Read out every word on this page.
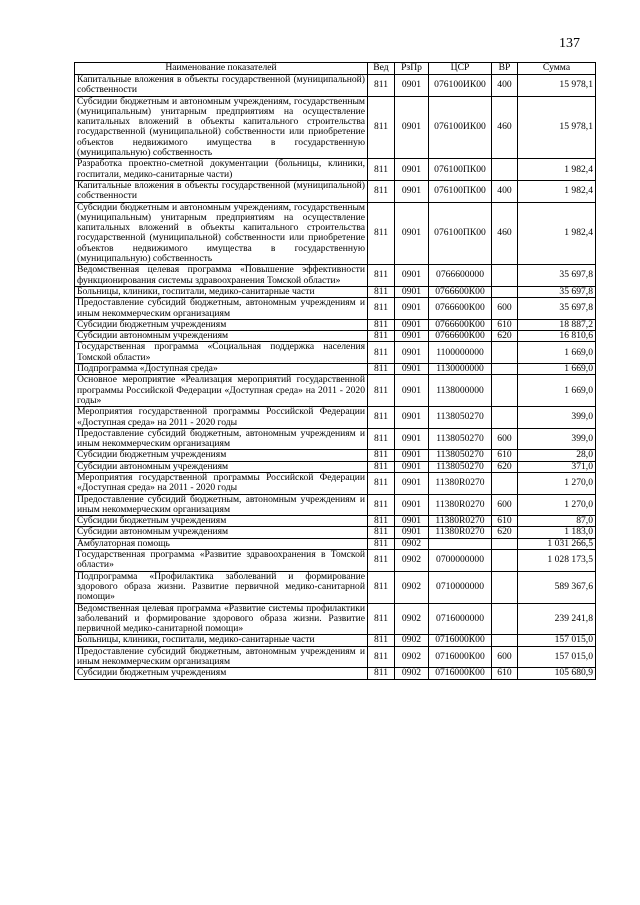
137
Наименование показателей	Вед	РзПр	ЦСР	ВР	Сумма
Капитальные вложения в объекты государственной (муниципальной) собственности	811	0901	076100ИК00	400	15 978,1
Субсидии бюджетным и автономным учреждениям, государственным (муниципальным) унитарным предприятиям на осуществление капитальных вложений в объекты капитального строительства государственной (муниципальной) собственности или приобретение объектов недвижимого имущества в государственную (муниципальную) собственность	811	0901	076100ИК00	460	15 978,1
Разработка проектно-сметной документации (больницы, клиники, госпитали, медико-санитарные части)	811	0901	076100ПК00		1 982,4
Капитальные вложения в объекты государственной (муниципальной) собственности	811	0901	076100ПК00	400	1 982,4
Субсидии бюджетным и автономным учреждениям, государственным (муниципальным) унитарным предприятиям на осуществление капитальных вложений в объекты капитального строительства государственной (муниципальной) собственности или приобретение объектов недвижимого имущества в государственную (муниципальную) собственность	811	0901	076100ПК00	460	1 982,4
Ведомственная целевая программа «Повышение эффективности функционирования системы здравоохранения Томской области»	811	0901	0766600000		35 697,8
Больницы, клиники, госпитали, медико-санитарные части	811	0901	0766600К00		35 697,8
Предоставление субсидий бюджетным, автономным учреждениям и иным некоммерческим организациям	811	0901	0766600К00	600	35 697,8
Субсидии бюджетным учреждениям	811	0901	0766600К00	610	18 887,2
Субсидии автономным учреждениям	811	0901	0766600К00	620	16 810,6
Государственная программа «Социальная поддержка населения Томской области»	811	0901	1100000000		1 669,0
Подпрограмма «Доступная среда»	811	0901	1130000000		1 669,0
Основное мероприятие «Реализация мероприятий государственной программы Российской Федерации «Доступная среда» на 2011 - 2020 годы»	811	0901	1138000000		1 669,0
Мероприятия государственной программы Российской Федерации «Доступная среда» на 2011 - 2020 годы	811	0901	1138050270		399,0
Предоставление субсидий бюджетным, автономным учреждениям и иным некоммерческим организациям	811	0901	1138050270	600	399,0
Субсидии бюджетным учреждениям	811	0901	1138050270	610	28,0
Субсидии автономным учреждениям	811	0901	1138050270	620	371,0
Мероприятия государственной программы Российской Федерации «Доступная среда» на 2011 - 2020 годы	811	0901	11380R0270		1 270,0
Предоставление субсидий бюджетным, автономным учреждениям и иным некоммерческим организациям	811	0901	11380R0270	600	1 270,0
Субсидии бюджетным учреждениям	811	0901	11380R0270	610	87,0
Субсидии автономным учреждениям	811	0901	11380R0270	620	1 183,0
Амбулаторная помощь	811	0902			1 031 266,5
Государственная программа «Развитие здравоохранения в Томской области»	811	0902	0700000000		1 028 173,5
Подпрограмма «Профилактика заболеваний и формирование здорового образа жизни. Развитие первичной медико-санитарной помощи»	811	0902	0710000000		589 367,6
Ведомственная целевая программа «Развитие системы профилактики заболеваний и формирование здорового образа жизни. Развитие первичной медико-санитарной помощи»	811	0902	0716000000		239 241,8
Больницы, клиники, госпитали, медико-санитарные части	811	0902	0716000К00		157 015,0
Предоставление субсидий бюджетным, автономным учреждениям и иным некоммерческим организациям	811	0902	0716000К00	600	157 015,0
Субсидии бюджетным учреждениям	811	0902	0716000К00	610	105 680,9
